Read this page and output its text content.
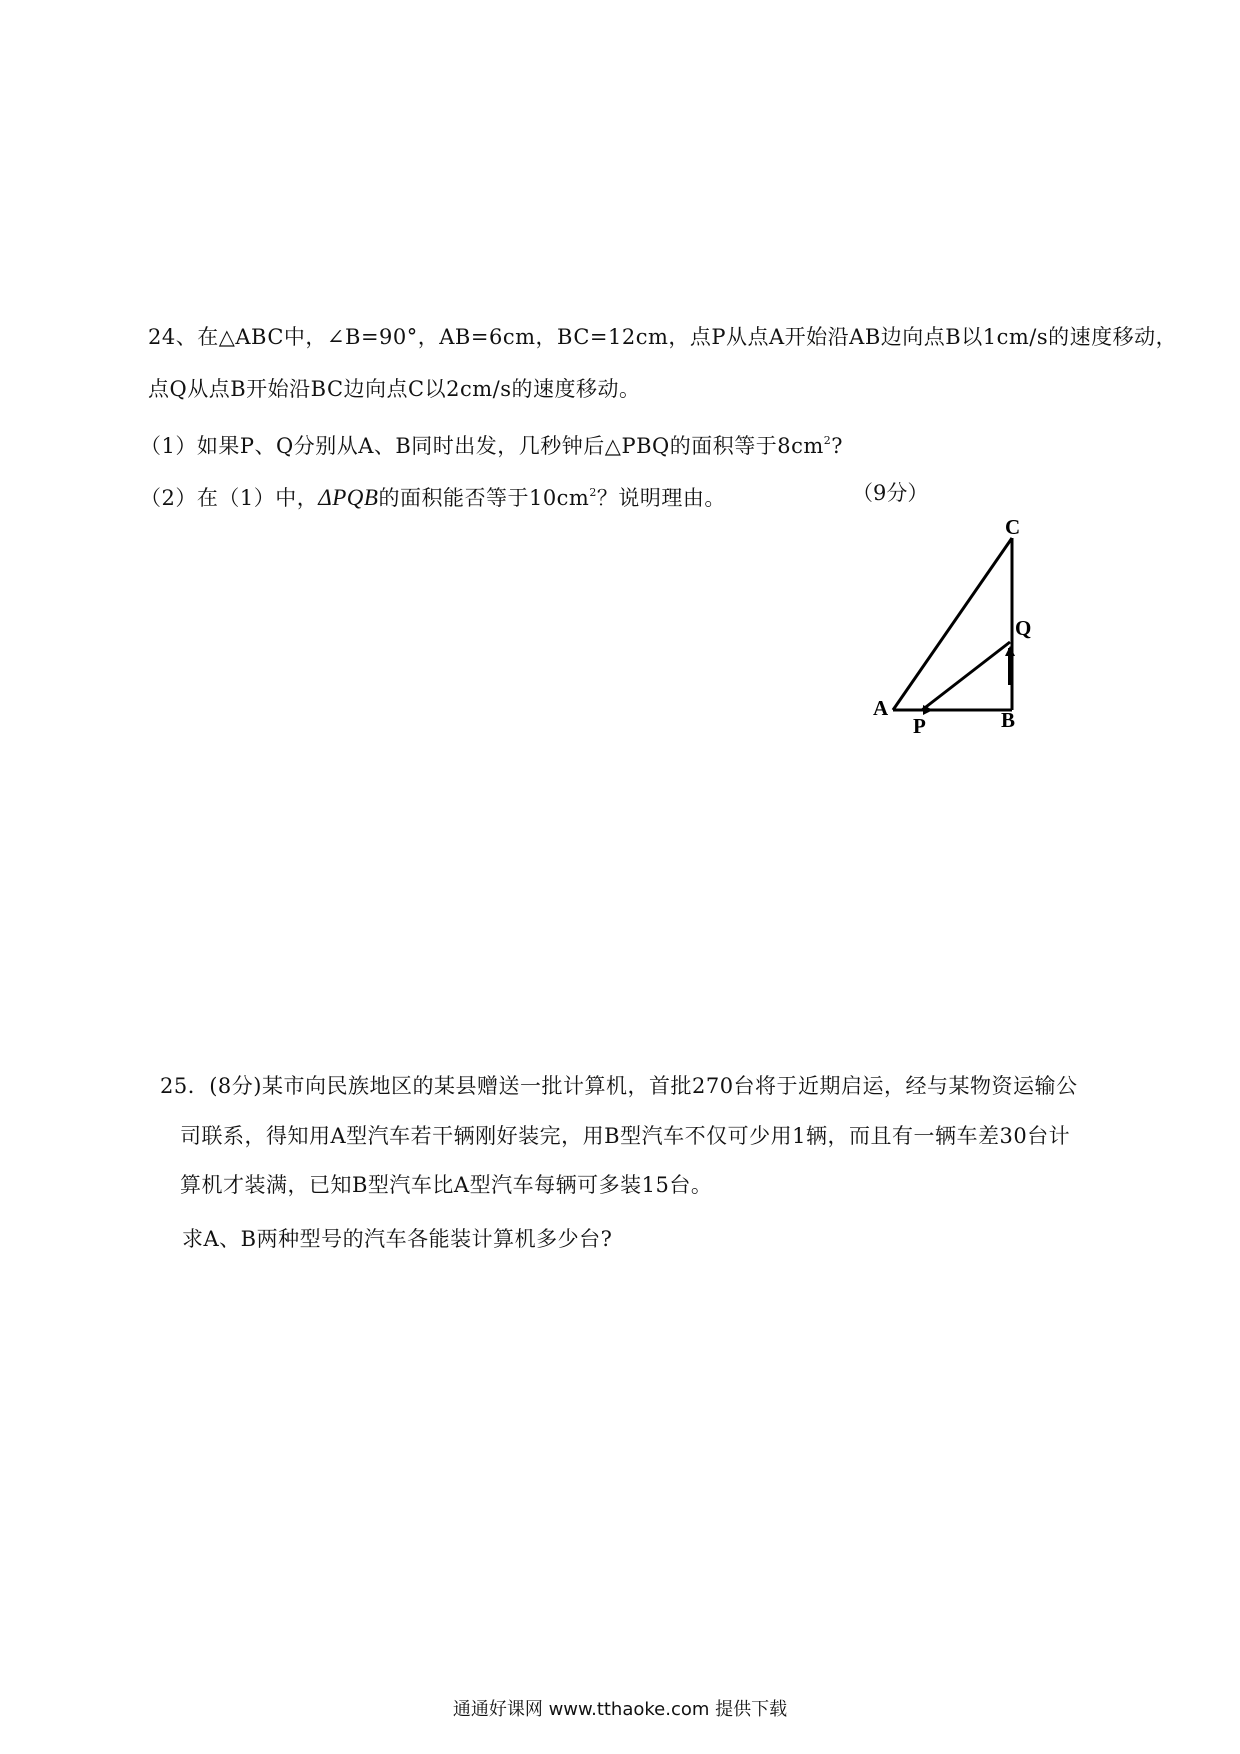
24、在△ABC中，∠B=90°，AB=6cm，BC=12cm，点P从点A开始沿AB边向点B以1cm/s的速度移动，
点Q从点B开始沿BC边向点C以2cm/s的速度移动。
（1）如果P、Q分别从A、B同时出发，几秒钟后△PBQ的面积等于$8cm^2$?
（2）在（1）中，ΔPQB的面积能否等于$10cm^2$？说明理由。	（9分）
C
Q
A
P	B
25．(8分)某市向民族地区的某县赠送一批计算机，首批270台将于近期启运，经与某物资运输公
司联系，得知用A型汽车若干辆刚好装完，用B型汽车不仅可少用1辆，而且有一辆车差30台计
算机才装满，已知B型汽车比A型汽车每辆可多装15台。
求A、B两种型号的汽车各能装计算机多少台?
通通好课网 www.tthaoke.com 提供下载
